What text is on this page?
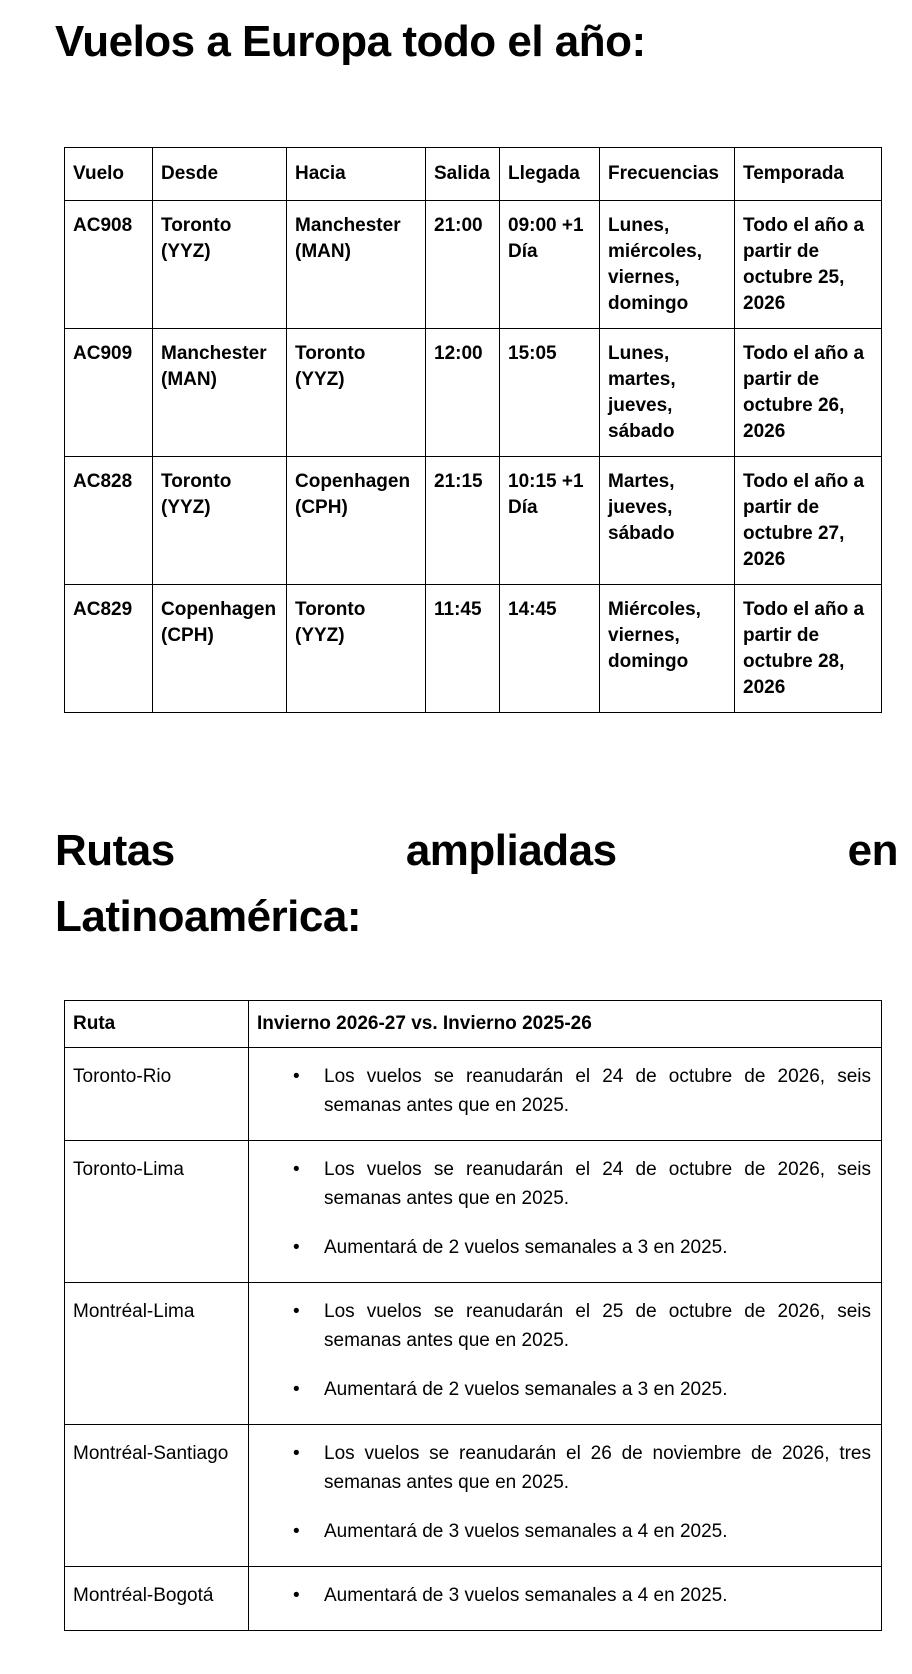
Vuelos a Europa todo el año:
Vuelo	Desde	Hacia	Salida	Llegada	Frecuencias	Temporada
AC908	Toronto (YYZ)	Manchester (MAN)	21:00	09:00 +1 Día	Lunes, miércoles, viernes, domingo	Todo el año a partir de octubre 25, 2026
AC909	Manchester (MAN)	Toronto (YYZ)	12:00	15:05	Lunes, martes, jueves, sábado	Todo el año a partir de octubre 26, 2026
AC828	Toronto (YYZ)	Copenhagen (CPH)	21:15	10:15 +1 Día	Martes, jueves, sábado	Todo el año a partir de octubre 27, 2026
AC829	Copenhagen (CPH)	Toronto (YYZ)	11:45	14:45	Miércoles, viernes, domingo	Todo el año a partir de octubre 28, 2026
Rutas	ampliadas	en
Latinoamérica:
Ruta	Invierno 2026-27 vs. Invierno 2025-26
Toronto-Rio	
•Los vuelos se reanudarán el 24 de octubre de 2026, seis semanas antes que en 2025.

Toronto-Lima	
•Los vuelos se reanudarán el 24 de octubre de 2026, seis semanas antes que en 2025.
• Aumentará de 2 vuelos semanales a 3 en 2025.

Montréal-Lima	
•Los vuelos se reanudarán el 25 de octubre de 2026, seis semanas antes que en 2025.
• Aumentará de 2 vuelos semanales a 3 en 2025.

Montréal-Santiago	
•Los vuelos se reanudarán el 26 de noviembre de 2026, tres semanas antes que en 2025.
• Aumentará de 3 vuelos semanales a 4 en 2025.

Montréal-Bogotá	
•Aumentará de 3 vuelos semanales a 4 en 2025.
